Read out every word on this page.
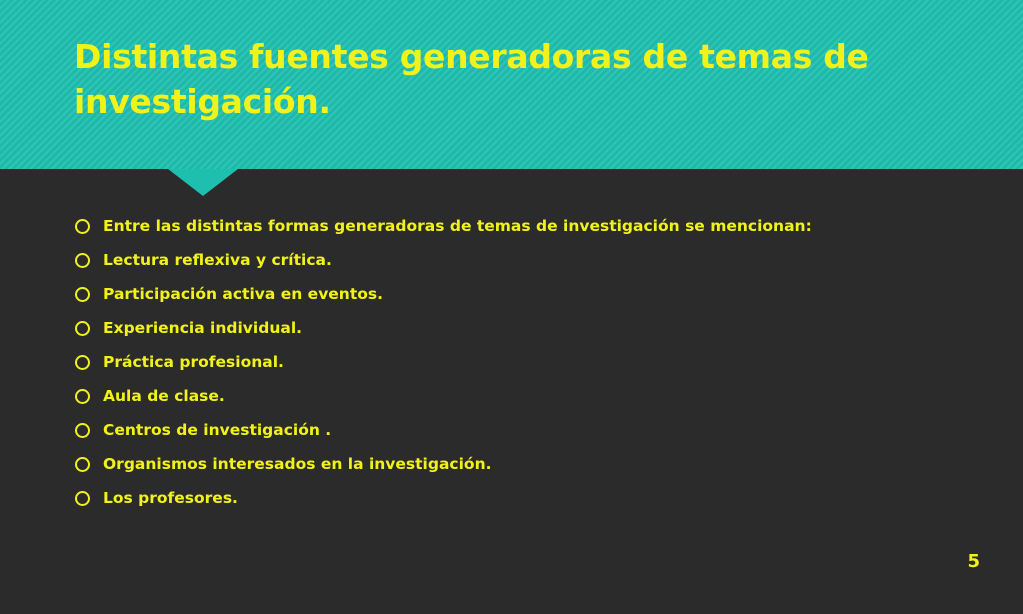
Distintas fuentes generadoras de temas de investigación.
Entre las distintas formas generadoras de temas de investigación se mencionan:
Lectura reflexiva y crítica.
Participación activa en eventos.
Experiencia individual.
Práctica profesional.
Aula de clase.
Centros de investigación .
Organismos interesados en la investigación.
Los profesores.
5
